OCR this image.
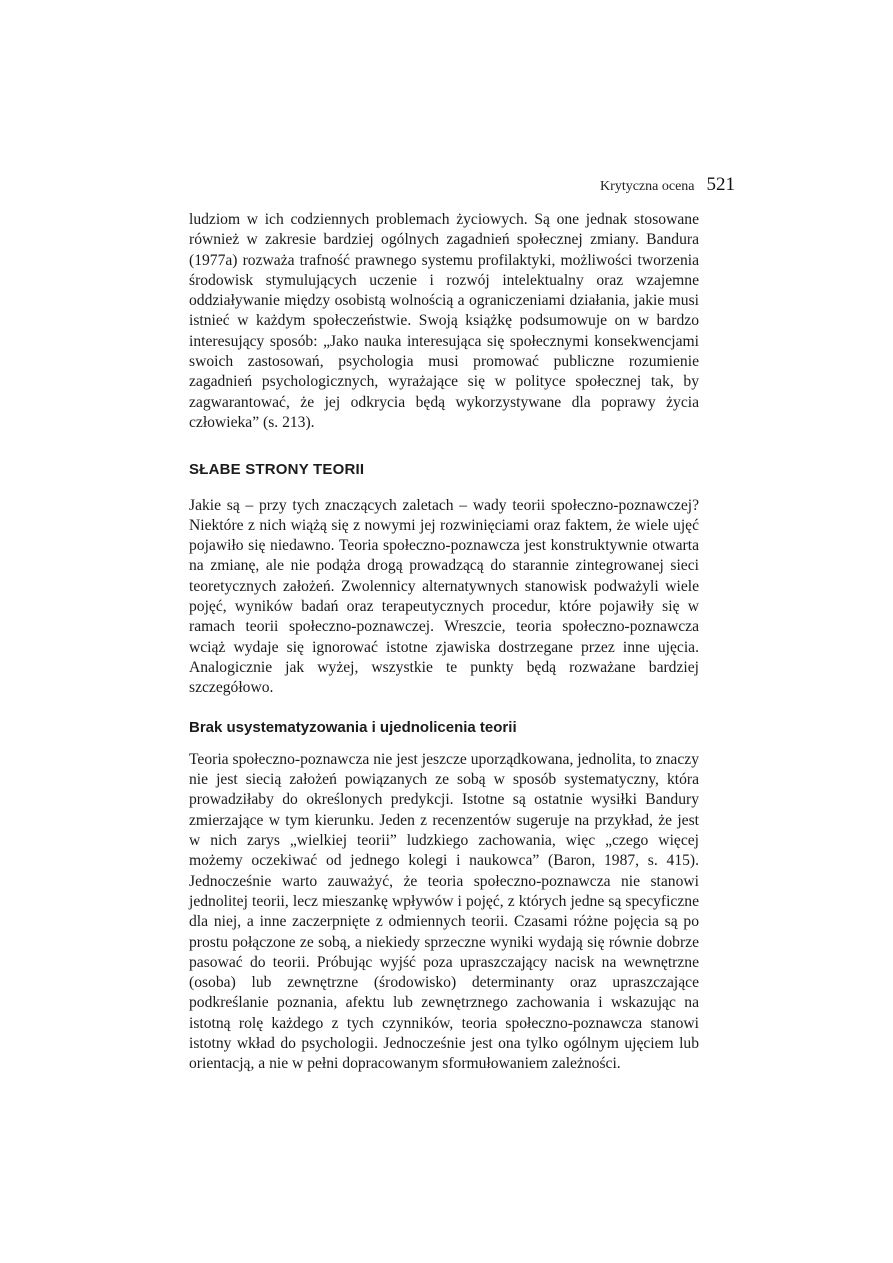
Krytyczna ocena 521

ludziom w ich codziennych problemach życiowych. Są one jednak stosowane również w zakresie bardziej ogólnych zagadnień społecznej zmiany. Bandura (1977a) rozważa trafność prawnego systemu profilaktyki, możliwości tworzenia środowisk stymulujących uczenie i rozwój intelektualny oraz wzajemne oddziaływanie między osobistą wolnością a ograniczeniami działania, jakie musi istnieć w każdym społeczeństwie. Swoją książkę podsumowuje on w bardzo interesujący sposób: „Jako nauka interesująca się społecznymi konsekwencjami swoich zastosowań, psychologia musi promować publiczne rozumienie zagadnień psychologicznych, wyrażające się w polityce społecznej tak, by zagwarantować, że jej odkrycia będą wykorzystywane dla poprawy życia człowieka” (s. 213).

SŁABE STRONY TEORII

Jakie są – przy tych znaczących zaletach – wady teorii społeczno-poznawczej? Niektóre z nich wiążą się z nowymi jej rozwinięciami oraz faktem, że wiele ujęć pojawiło się niedawno. Teoria społeczno-poznawcza jest konstruktywnie otwarta na zmianę, ale nie podąża drogą prowadzącą do starannie zintegrowanej sieci teoretycznych założeń. Zwolennicy alternatywnych stanowisk podważyli wiele pojęć, wyników badań oraz terapeutycznych procedur, które pojawiły się w ramach teorii społeczno-poznawczej. Wreszcie, teoria społeczno-poznawcza wciąż wydaje się ignorować istotne zjawiska dostrzegane przez inne ujęcia. Analogicznie jak wyżej, wszystkie te punkty będą rozważane bardziej szczegółowo.

Brak usystematyzowania i ujednolicenia teorii

Teoria społeczno-poznawcza nie jest jeszcze uporządkowana, jednolita, to znaczy nie jest siecią założeń powiązanych ze sobą w sposób systematyczny, która prowadziłaby do określonych predykcji. Istotne są ostatnie wysiłki Bandury zmierzające w tym kierunku. Jeden z recenzentów sugeruje na przykład, że jest w nich zarys „wielkiej teorii” ludzkiego zachowania, więc „czego więcej możemy oczekiwać od jednego kolegi i naukowca” (Baron, 1987, s. 415). Jednocześnie warto zauważyć, że teoria społeczno-poznawcza nie stanowi jednolitej teorii, lecz mieszankę wpływów i pojęć, z których jedne są specyficzne dla niej, a inne zaczerpnięte z odmiennych teorii. Czasami różne pojęcia są po prostu połączone ze sobą, a niekiedy sprzeczne wyniki wydają się równie dobrze pasować do teorii. Próbując wyjść poza upraszczający nacisk na wewnętrzne (osoba) lub zewnętrzne (środowisko) determinanty oraz upraszczające podkreślanie poznania, afektu lub zewnętrznego zachowania i wskazując na istotną rolę każdego z tych czynników, teoria społeczno-poznawcza stanowi istotny wkład do psychologii. Jednocześnie jest ona tylko ogólnym ujęciem lub orientacją, a nie w pełni dopracowanym sformułowaniem zależności.
